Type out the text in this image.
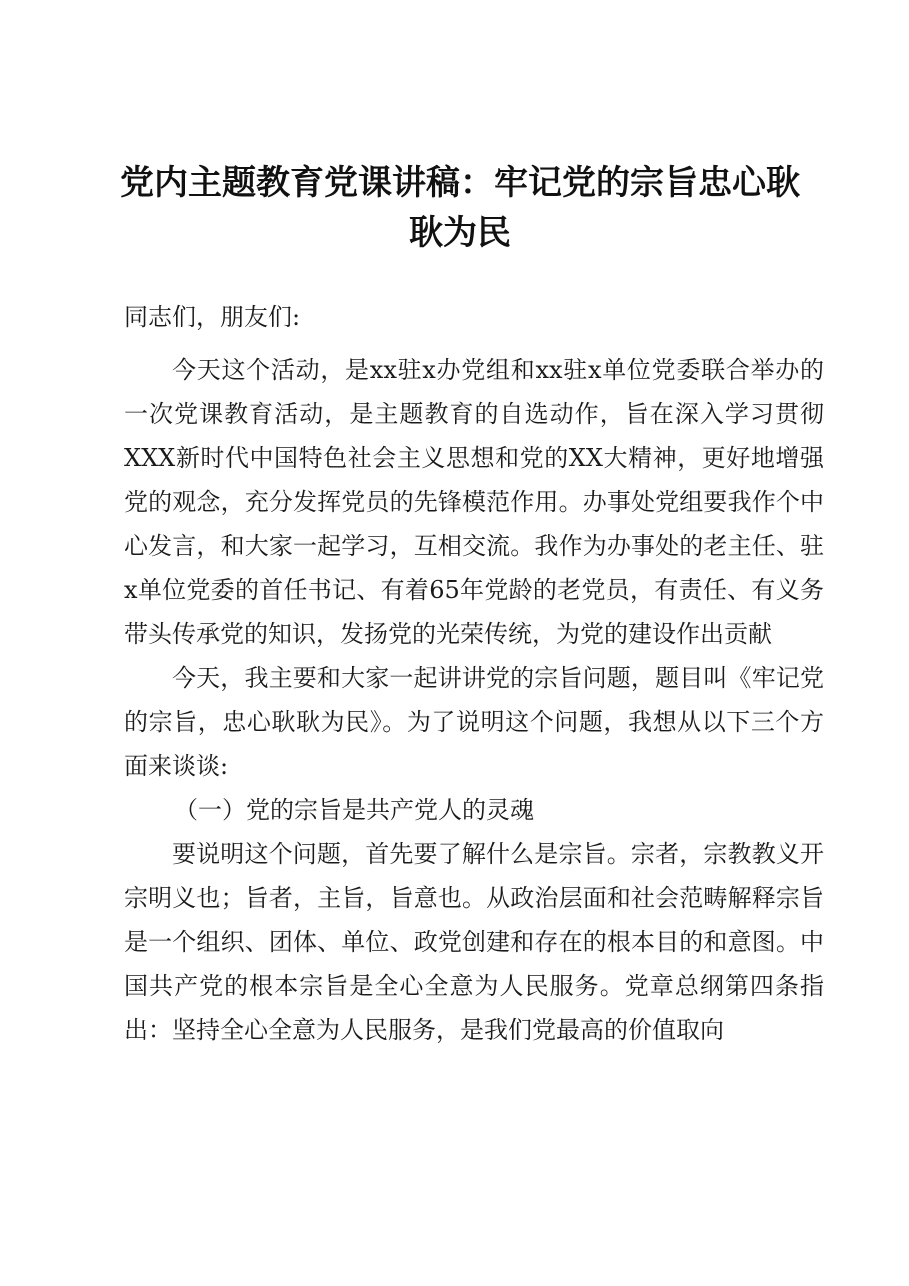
党内主题教育党课讲稿：牢记党的宗旨忠心耿耿为民

同志们，朋友们:

今天这个活动，是xx驻x办党组和xx驻x单位党委联合举办的一次党课教育活动，是主题教育的自选动作，旨在深入学习贯彻XXX新时代中国特色社会主义思想和党的XX大精神，更好地增强党的观念，充分发挥党员的先锋模范作用。办事处党组要我作个中心发言，和大家一起学习，互相交流。我作为办事处的老主任、驻x单位党委的首任书记、有着65年党龄的老党员，有责任、有义务带头传承党的知识，发扬党的光荣传统，为党的建设作出贡献

今天，我主要和大家一起讲讲党的宗旨问题，题目叫《牢记党的宗旨，忠心耿耿为民》。为了说明这个问题，我想从以下三个方面来谈谈:

（一）党的宗旨是共产党人的灵魂

要说明这个问题，首先要了解什么是宗旨。宗者，宗教教义开宗明义也；旨者，主旨，旨意也。从政治层面和社会范畴解释宗旨是一个组织、团体、单位、政党创建和存在的根本目的和意图。中国共产党的根本宗旨是全心全意为人民服务。党章总纲第四条指出：坚持全心全意为人民服务，是我们党最高的价值取向
